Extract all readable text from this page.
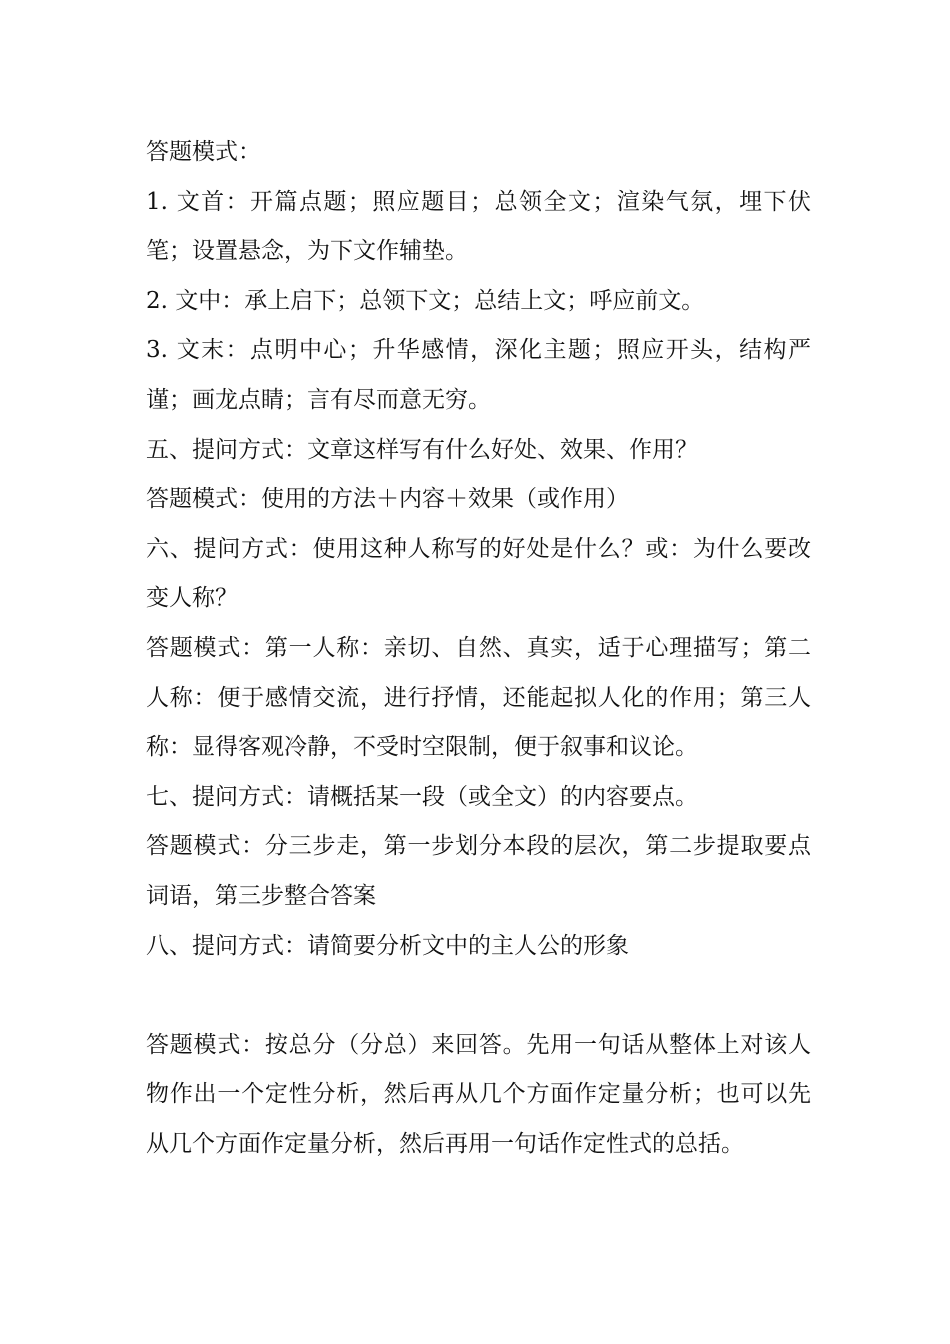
答题模式：

1. 文首：开篇点题；照应题目；总领全文；渲染气氛，埋下伏笔；设置悬念，为下文作辅垫。

2. 文中：承上启下；总领下文；总结上文；呼应前文。

3. 文末：点明中心；升华感情，深化主题；照应开头，结构严谨；画龙点睛；言有尽而意无穷。

五、提问方式：文章这样写有什么好处、效果、作用？

答题模式：使用的方法＋内容＋效果（或作用）

六、提问方式：使用这种人称写的好处是什么？或：为什么要改变人称？

答题模式：第一人称：亲切、自然、真实，适于心理描写；第二人称：便于感情交流，进行抒情，还能起拟人化的作用；第三人称：显得客观冷静，不受时空限制，便于叙事和议论。

七、提问方式：请概括某一段（或全文）的内容要点。

答题模式：分三步走，第一步划分本段的层次，第二步提取要点词语，第三步整合答案

八、提问方式：请简要分析文中的主人公的形象

答题模式：按总分（分总）来回答。先用一句话从整体上对该人物作出一个定性分析，然后再从几个方面作定量分析；也可以先从几个方面作定量分析，然后再用一句话作定性式的总括。
